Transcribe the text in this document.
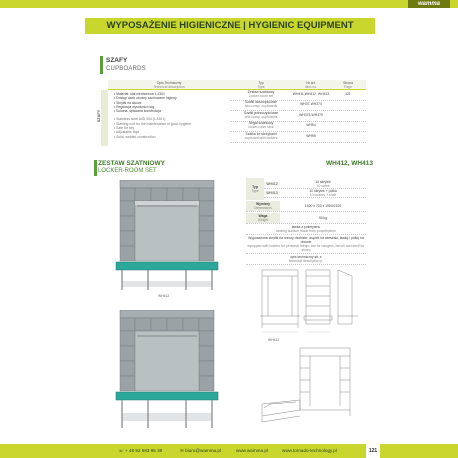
wamma
WYPOSAŻENIE HIGIENICZNE | HYGIENIC EQUIPMENT
SZAFY
CUPBOARDS
SZAFY
Opis Techniczny
Technical description
Typ
Type
Nr art.
Item no.
Strona
Page
• Materiał: stal nierdzewna 1.4301
• Dostęp dach ukośny zachowane higieny
• Skrytki na klucze
• Regulacja wysokości nóg
• Solidna, spawana konstrukcja
• Stainless steel AISI 304 (1.4301)
• Slanting roof for the maintenance of good hygiene
• Safe for key
• Adjustable legs
• Solid, welded construction
Zestaw szatniowy
Locker-room set	WH411,WH412, WH413	121
Szafki dwuczęściowe
two-comp. cupboards	WH37-WH374
Szafki jednoczęściowe
one-comp. cupboards	WH375-WH379
Regał szatniowy
locker-room rack	WH54
Szafka ze skrzybami
cupboard with lockers	WH95
ZESTAW SZATNIOWY
LOCKER-ROOM SET
WH412, WH413
WH412
Typ
Type
WH412	10 skrytek
10 safes
WH413	10 skrytek + półka
10 lockers + shelf
Wymiary
Dimensions	1500 x 700 x 1950/2100
Waga
Weight	95 kg
ławka z polietylenu
seating surface made from polyethylene
Wyposażona skrytki na rzeczy osobiste, drążek na wieszaki, ławkę i półkę na obuwie
equipped with lockers for personal things, bar for hangers, bench and shelf for shoes
opis techniczny str. s
technical description p.
WH412
☏ + 48 52 583 95 38	✉ biuro@wamma.pl	www.wamma.pl	www.tornado-technology.pl	121
